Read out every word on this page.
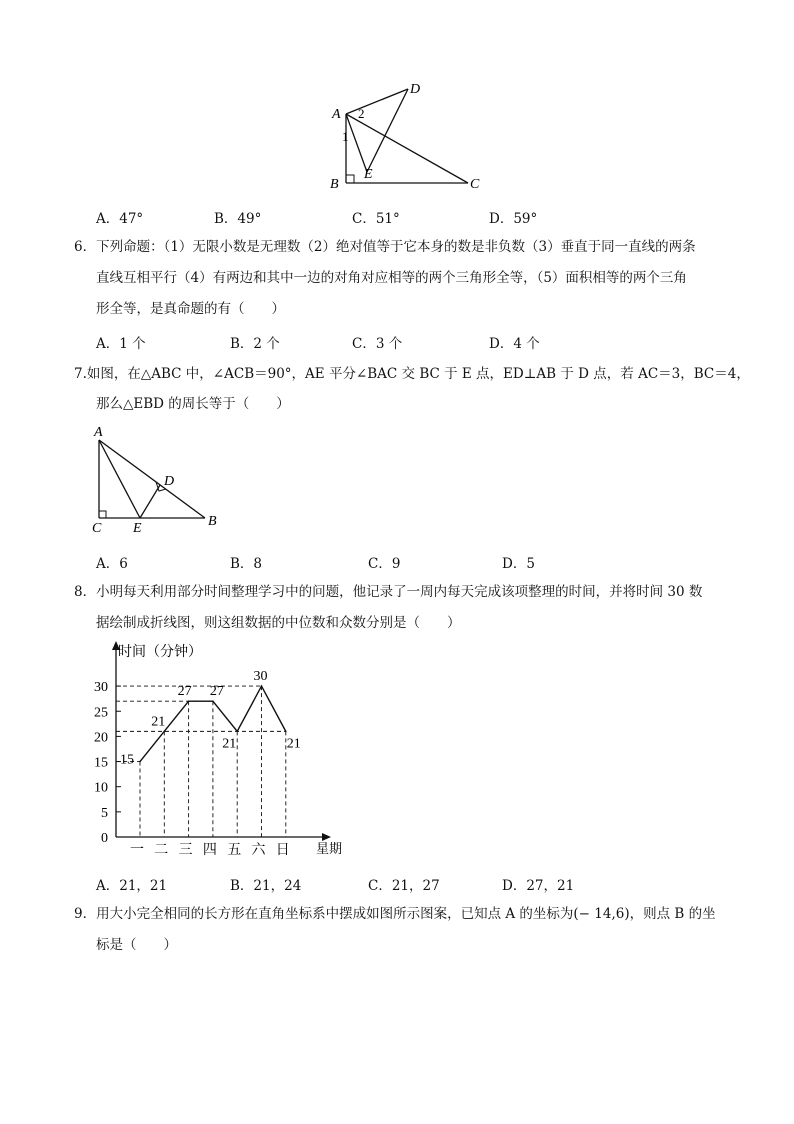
A
D
2
1
E
B	C
A．47°	B．49°	C．51°	D．59°
6．下列命题：（1）无限小数是无理数（2）绝对值等于它本身的数是非负数（3）垂直于同一直线的两条
直线互相平行（4）有两边和其中一边的对角对应相等的两个三角形全等，（5）面积相等的两个三角
形全等，是真命题的有（　　）
A．1 个	B．2 个	C．3 个	D．4 个
7.如图，在△ABC 中，∠ACB＝90°，AE 平分∠BAC 交 BC 于 E 点，ED⊥AB 于 D 点，若 AC＝3，BC＝4，
那么△EBD 的周长等于（　　）
A
D
C E	B
A．6	B．8	C．9	D．5
8．小明每天利用部分时间整理学习中的问题，他记录了一周内每天完成该项整理的时间，并将时间 30 数
据绘制成折线图，则这组数据的中位数和众数分别是（　　）
时间（分钟）
星期
0
5
10
15
20
25
30
一 二 三 四 五 六 日
15
21
27 27
21
30
21
A．21，21	B．21，24	C．21，27	D．27，21
9．用大小完全相同的长方形在直角坐标系中摆成如图所示图案，已知点 A 的坐标为(− 14,6)，则点 B 的坐
标是（　　）
